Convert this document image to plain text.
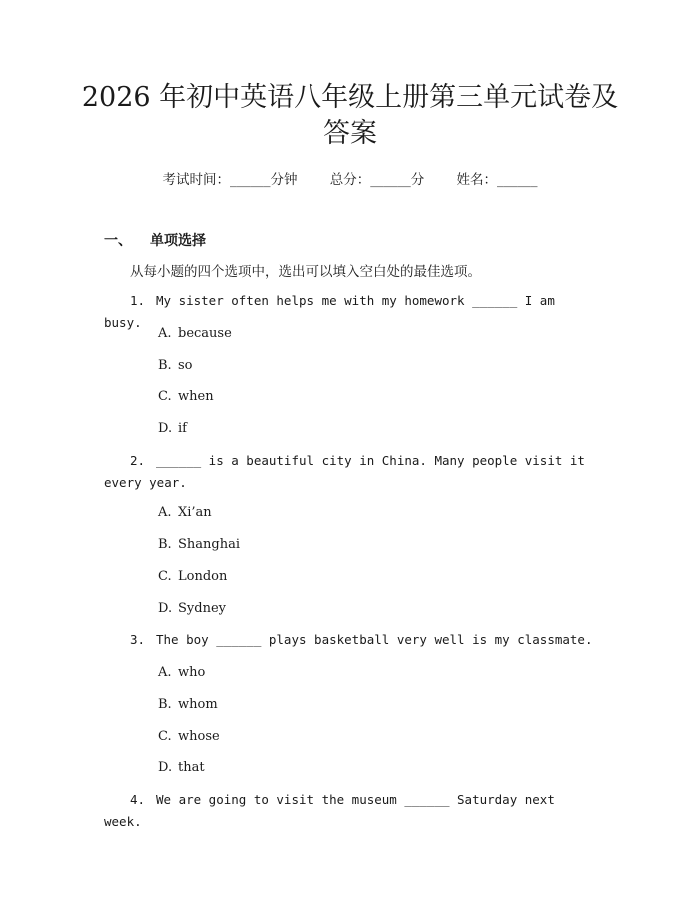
2026 年初中英语八年级上册第三单元试卷及
答案
考试时间：______分钟 总分：______分 姓名：______
一、 单项选择
从每小题的四个选项中，选出可以填入空白处的最佳选项。
1. My sister often helps me with my homework ______ I am busy.
A. because
B. so
C. when
D. if
2. ______ is a beautiful city in China. Many people visit it every year.
A. Xi’an
B. Shanghai
C. London
D. Sydney
3. The boy ______ plays basketball very well is my classmate.
A. who
B. whom
C. whose
D. that
4. We are going to visit the museum ______ Saturday next week.
